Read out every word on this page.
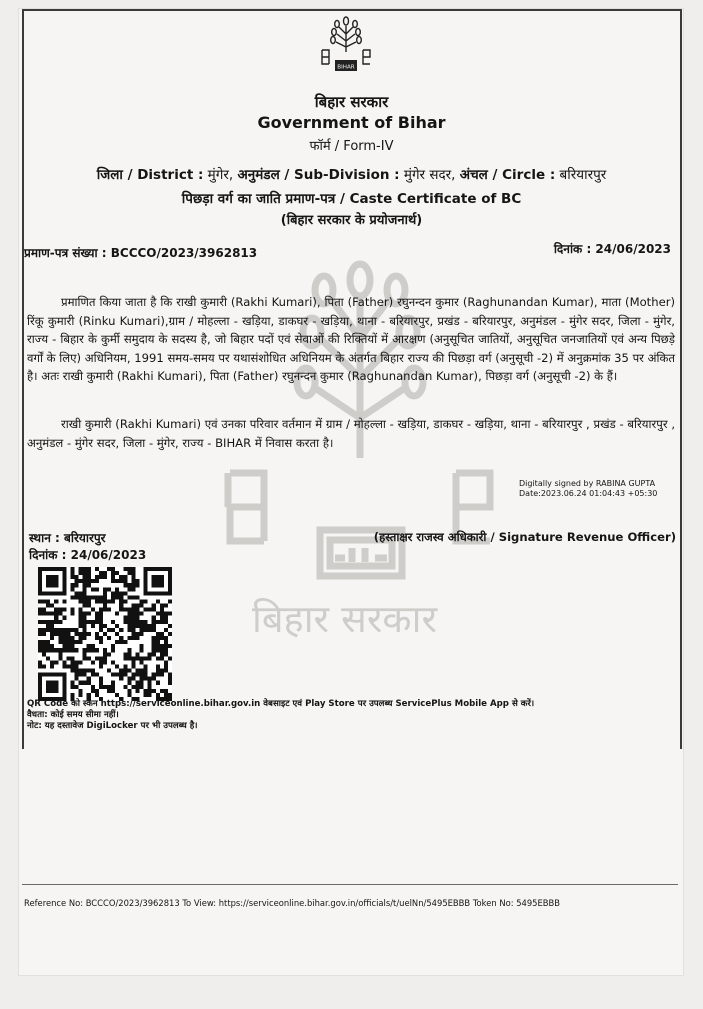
बिहार सरकार
BIHAR
बिहार सरकार
Government of Bihar
फॉर्म / Form-IV
जिला / District : मुंगेर, अनुमंडल / Sub-Division : मुंगेर सदर, अंचल / Circle : बरियारपुर
पिछड़ा वर्ग का जाति प्रमाण-पत्र / Caste Certificate of BC
(बिहार सरकार के प्रयोजनार्थ)
प्रमाण-पत्र संख्या : BCCCO/2023/3962813	दिनांक : 24/06/2023
प्रमाणित किया जाता है कि राखी कुमारी (Rakhi Kumari), पिता (Father) रघुनन्दन कुमार (Raghunandan Kumar), माता (Mother) रिंकू कुमारी (Rinku Kumari),ग्राम / मोहल्ला - खड़िया, डाकघर - खड़िया, थाना - बरियारपुर, प्रखंड - बरियारपुर, अनुमंडल - मुंगेर सदर, जिला - मुंगेर, राज्य - बिहार के कुर्मी समुदाय के सदस्य है, जो बिहार पदों एवं सेवाओं की रिक्तियों में आरक्षण (अनुसूचित जातियों, अनुसूचित जनजातियों एवं अन्य पिछड़े वर्गों के लिए) अधिनियम, 1991 समय-समय पर यथासंशोधित अधिनियम के अंतर्गत बिहार राज्य की पिछड़ा वर्ग (अनुसूची -2) में अनुक्रमांक 35 पर अंकित है। अतः राखी कुमारी (Rakhi Kumari), पिता (Father) रघुनन्दन कुमार (Raghunandan Kumar), पिछड़ा वर्ग (अनुसूची -2) के हैं।
राखी कुमारी (Rakhi Kumari) एवं उनका परिवार वर्तमान में ग्राम / मोहल्ला - खड़िया, डाकघर - खड़िया, थाना - बरियारपुर , प्रखंड - बरियारपुर , अनुमंडल - मुंगेर सदर, जिला - मुंगेर, राज्य - BIHAR में निवास करता है।
Digitally signed by RABINA GUPTA
Date:2023.06.24 01:04:43 +05:30
स्थान : बरियारपुर
दिनांक : 24/06/2023
(हस्ताक्षर राजस्व अधिकारी / Signature Revenue Officer)
QR Code को स्कैन https://serviceonline.bihar.gov.in वेबसाइट एवं Play Store पर उपलब्ध ServicePlus Mobile App से करें।
वैधता: कोई समय सीमा नहीं।
नोट: यह दस्तावेज DigiLocker पर भी उपलब्ध है।
Reference No: BCCCO/2023/3962813 To View: https://serviceonline.bihar.gov.in/officials/t/uelNn/5495EBBB Token No: 5495EBBB
